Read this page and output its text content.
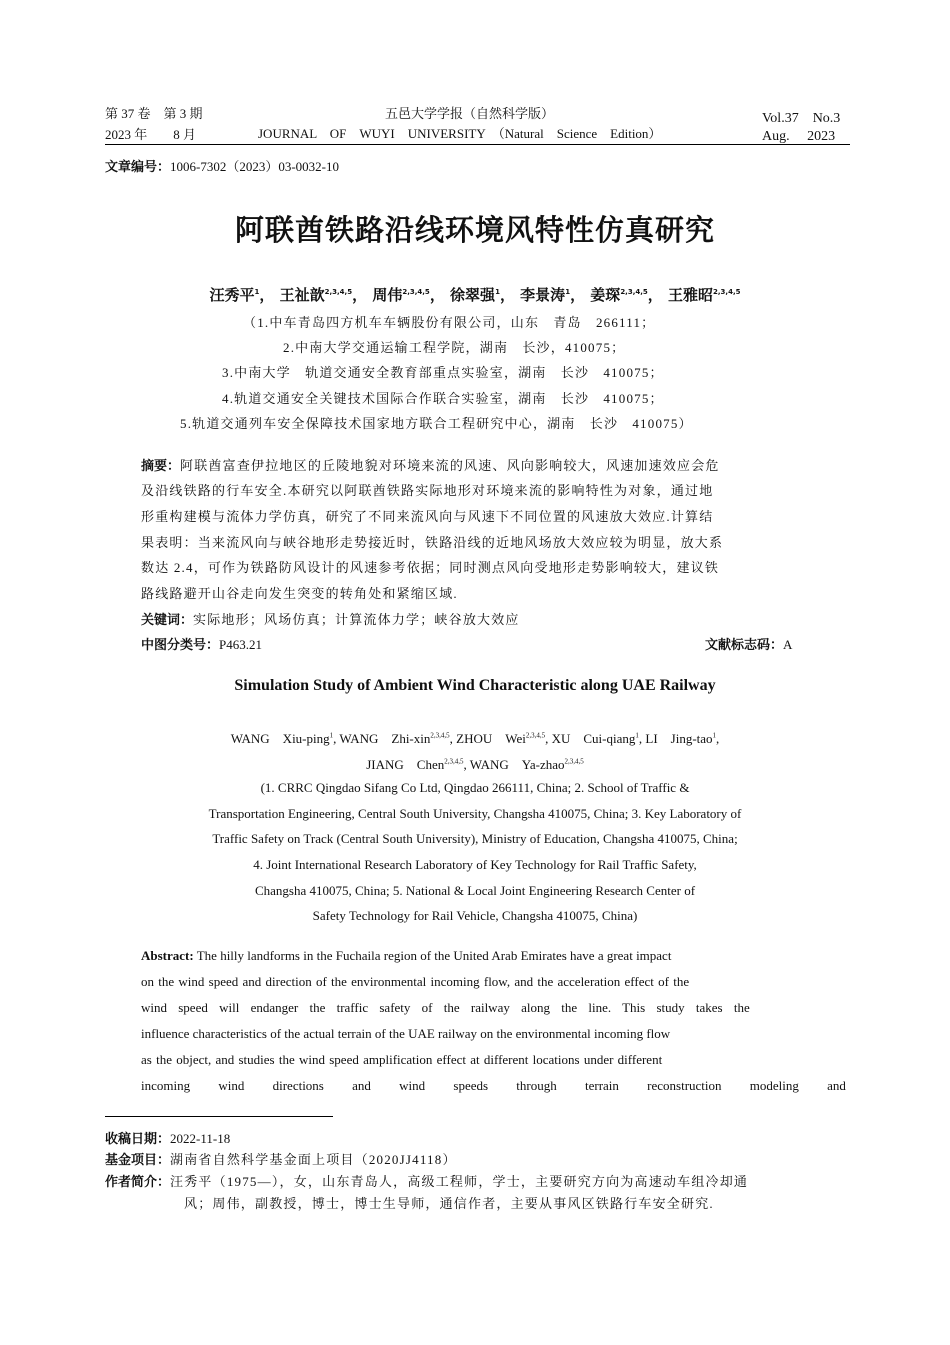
第 37 卷　第 3 期
2023 年　　8 月
五邑大学学报（自然科学版）
JOURNAL　OF　WUYI　UNIVERSITY　（Natural　Science　Edition）
Vol.37　No.3
Aug.　 2023
文章编号：1006-7302（2023）03-0032-10
阿联酋铁路沿线环境风特性仿真研究
汪秀平$^1$， 王祉歆$^{2,3,4,5}$， 周伟$^{2,3,4,5}$， 徐翠强$^1$， 李景涛$^1$， 姜琛$^{2,3,4,5}$， 王雅昭$^{2,3,4,5}$
（1.中车青岛四方机车车辆股份有限公司，山东　青岛　266111；
2.中南大学交通运输工程学院，湖南　长沙，410075；
3.中南大学　轨道交通安全教育部重点实验室，湖南　长沙　410075；
4.轨道交通安全关键技术国际合作联合实验室，湖南　长沙　410075；
5.轨道交通列车安全保障技术国家地方联合工程研究中心，湖南　长沙　410075）
摘要：阿联酋富查伊拉地区的丘陵地貌对环境来流的风速、风向影响较大，风速加速效应会危
及沿线铁路的行车安全.本研究以阿联酋铁路实际地形对环境来流的影响特性为对象，通过地
形重构建模与流体力学仿真，研究了不同来流风向与风速下不同位置的风速放大效应.计算结
果表明：当来流风向与峡谷地形走势接近时，铁路沿线的近地风场放大效应较为明显，放大系
数达 2.4，可作为铁路防风设计的风速参考依据；同时测点风向受地形走势影响较大，建议铁
路线路避开山谷走向发生突变的转角处和紧缩区域.
关键词：实际地形；风场仿真；计算流体力学；峡谷放大效应
中图分类号：P463.21	文献标志码：A
Simulation Study of Ambient Wind Characteristic along UAE Railway
WANG　Xiu-ping$^1$, WANG　Zhi-xin$^{2,3,4,5}$, ZHOU　Wei$^{2,3,4,5}$, XU　Cui-qiang$^1$, LI　Jing-tao$^1$,
JIANG　Chen$^{2,3,4,5}$, WANG　Ya-zhao$^{2,3,4,5}$
(1. CRRC Qingdao Sifang Co Ltd, Qingdao 266111, China; 2. School of Traffic &
Transportation Engineering, Central South University, Changsha 410075, China; 3. Key Laboratory of
Traffic Safety on Track (Central South University), Ministry of Education, Changsha 410075, China;
4. Joint International Research Laboratory of Key Technology for Rail Traffic Safety,
Changsha 410075, China; 5. National & Local Joint Engineering Research Center of
Safety Technology for Rail Vehicle, Changsha 410075, China)
Abstract: The hilly landforms in the Fuchaila region of the United Arab Emirates have a great impact
on the wind speed and direction of the environmental incoming flow, and the acceleration effect of the
wind speed will endanger the traffic safety of the railway along the line. This study takes the
influence characteristics of the actual terrain of the UAE railway on the environmental incoming flow
as the object, and studies the wind speed amplification effect at different locations under different
incoming wind directions and wind speeds through terrain reconstruction modeling and
收稿日期：2022-11-18
基金项目：湖南省自然科学基金面上项目（2020JJ4118）
作者简介：汪秀平（1975—），女，山东青岛人，高级工程师，学士，主要研究方向为高速动车组冷却通
风；周伟，副教授，博士，博士生导师，通信作者，主要从事风区铁路行车安全研究.
